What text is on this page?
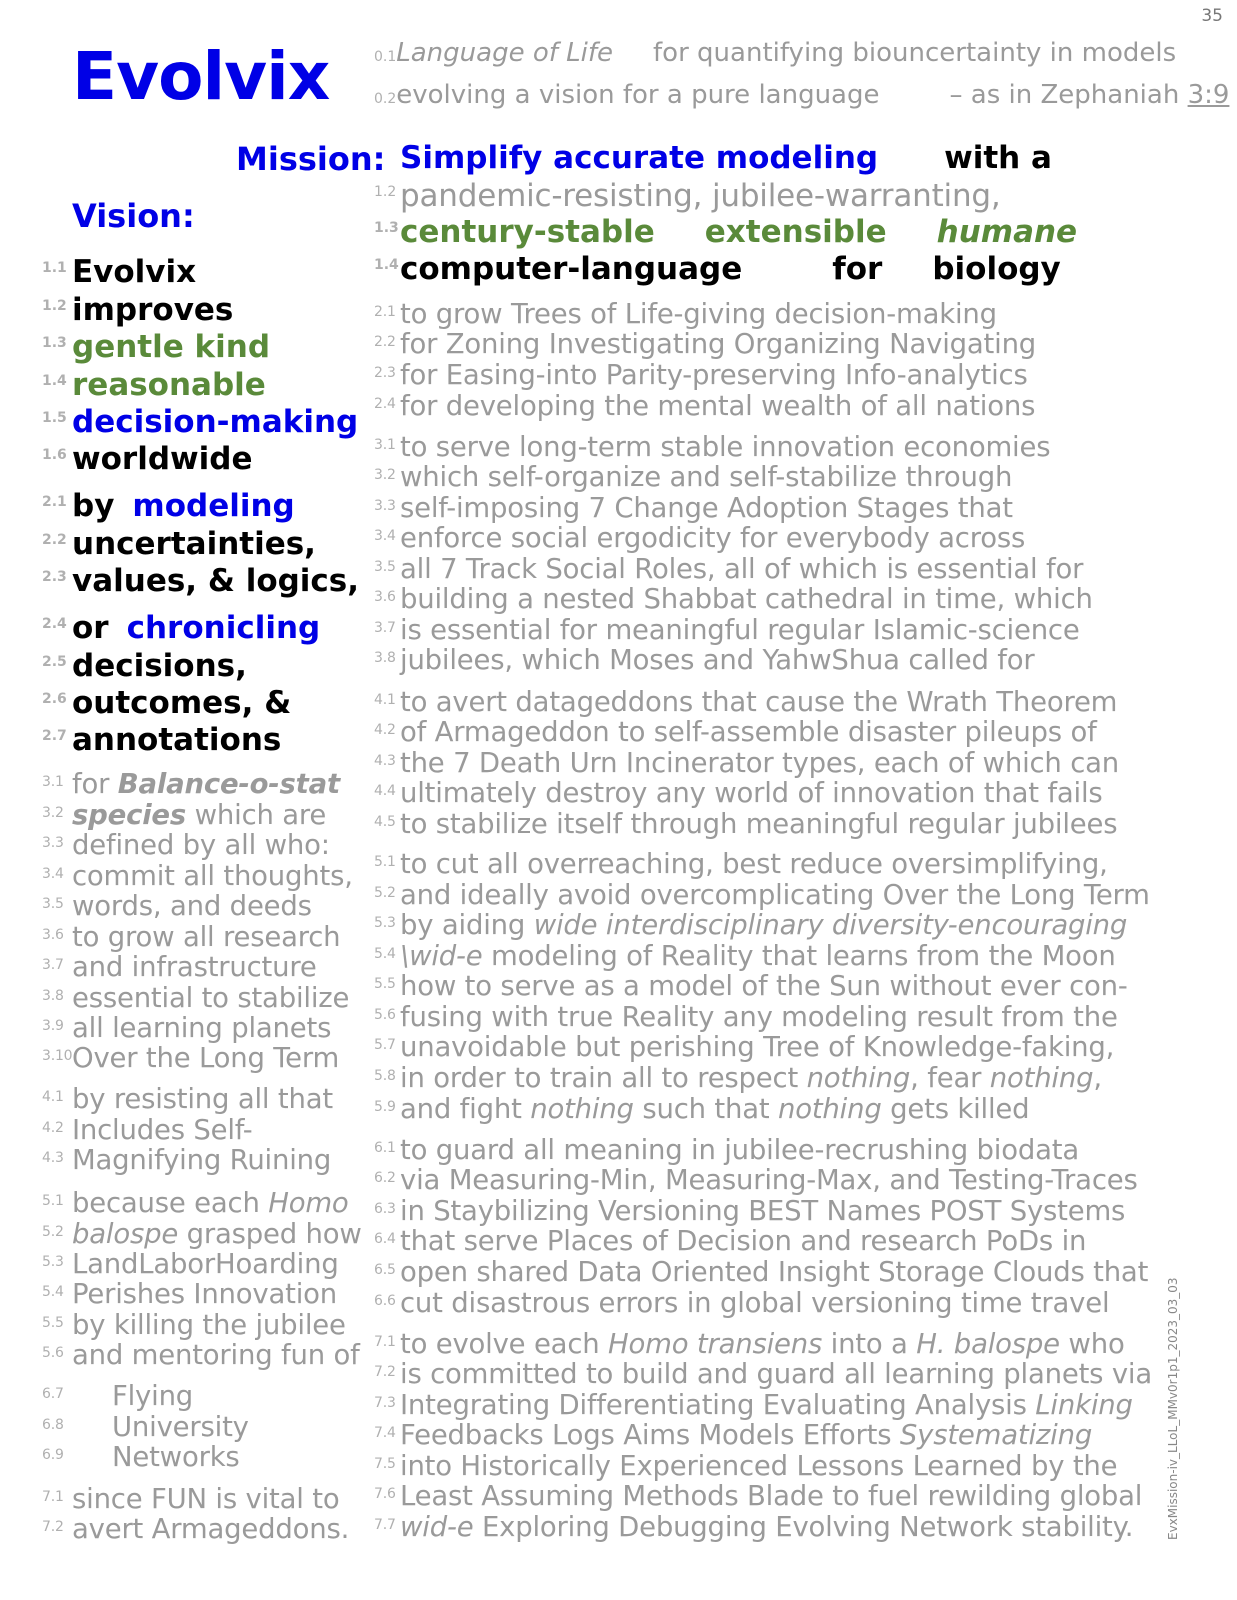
35
Evolvix	0.1Language of Life for quantifying biouncertainty in models
0.2evolving a vision for a pure language	– as in Zephaniah 3:9
Mission: Simplify accurate modeling with a
1.2 pandemic-resisting, jubilee-warranting,
1.3century-stable extensible humane
1.4computer-language	for biology
Vision:
1.1 Evolvix
1.2 improves
1.3 gentle kind
1.4 reasonable
1.5 decision-making
1.6 worldwide
2.1 by modeling
2.2 uncertainties,
2.3 values, & logics,
2.4 or chronicling
2.5 decisions,
2.6 outcomes, &
2.7 annotations
3.1 for Balance-o-stat
3.2 species which are
3.3 defined by all who:
3.4 commit all thoughts,
3.5 words, and deeds
3.6 to grow all research
3.7 and infrastructure
3.8 essential to stabilize
3.9 all learning planets
3.10Over the Long Term
4.1 by resisting all that
4.2 Includes Self-
4.3 Magnifying Ruining
5.1 because each Homo
5.2 balospe grasped how
5.3 LandLaborHoarding
5.4 Perishes Innovation
5.5 by killing the jubilee
5.6 and mentoring fun of
6.7 Flying
6.8 University
6.9 Networks
7.1 since FUN is vital to
7.2 avert Armageddons.
2.1 to grow Trees of Life-giving decision-making
2.2 for Zoning Investigating Organizing Navigating
2.3 for Easing-into Parity-preserving Info-analytics
2.4 for developing the mental wealth of all nations
3.1 to serve long-term stable innovation economies
3.2 which self-organize and self-stabilize through
3.3 self-imposing 7 Change Adoption Stages that
3.4 enforce social ergodicity for everybody across
3.5 all 7 Track Social Roles, all of which is essential for
3.6 building a nested Shabbat cathedral in time, which
3.7 is essential for meaningful regular Islamic-science
3.8 jubilees, which Moses and YahwShua called for
4.1 to avert datageddons that cause the Wrath Theorem
4.2 of Armageddon to self-assemble disaster pileups of
4.3 the 7 Death Urn Incinerator types, each of which can
4.4 ultimately destroy any world of innovation that fails
4.5 to stabilize itself through meaningful regular jubilees
5.1 to cut all overreaching, best reduce oversimplifying,
5.2 and ideally avoid overcomplicating Over the Long Term
5.3 by aiding wide interdisciplinary diversity-encouraging
5.4 \wid-e modeling of Reality that learns from the Moon
5.5 how to serve as a model of the Sun without ever con-
5.6 fusing with true Reality any modeling result from the
5.7 unavoidable but perishing Tree of Knowledge-faking,
5.8 in order to train all to respect nothing, fear nothing,
5.9 and fight nothing such that nothing gets killed
6.1 to guard all meaning in jubilee-recrushing biodata
6.2 via Measuring-Min, Measuring-Max, and Testing-Traces
6.3 in Staybilizing Versioning BEST Names POST Systems
6.4 that serve Places of Decision and research PoDs in
6.5 open shared Data Oriented Insight Storage Clouds that
6.6 cut disastrous errors in global versioning time travel
7.1 to evolve each Homo transiens into a H. balospe who
7.2 is committed to build and guard all learning planets via
7.3 Integrating Differentiating Evaluating Analysis Linking
7.4 Feedbacks Logs Aims Models Efforts Systematizing
7.5 into Historically Experienced Lessons Learned by the
7.6 Least Assuming Methods Blade to fuel rewilding global
7.7 wid-e Exploring Debugging Evolving Network stability.	EvxMission-iv_LLoL_MMv0r1p1_2023_03_03
